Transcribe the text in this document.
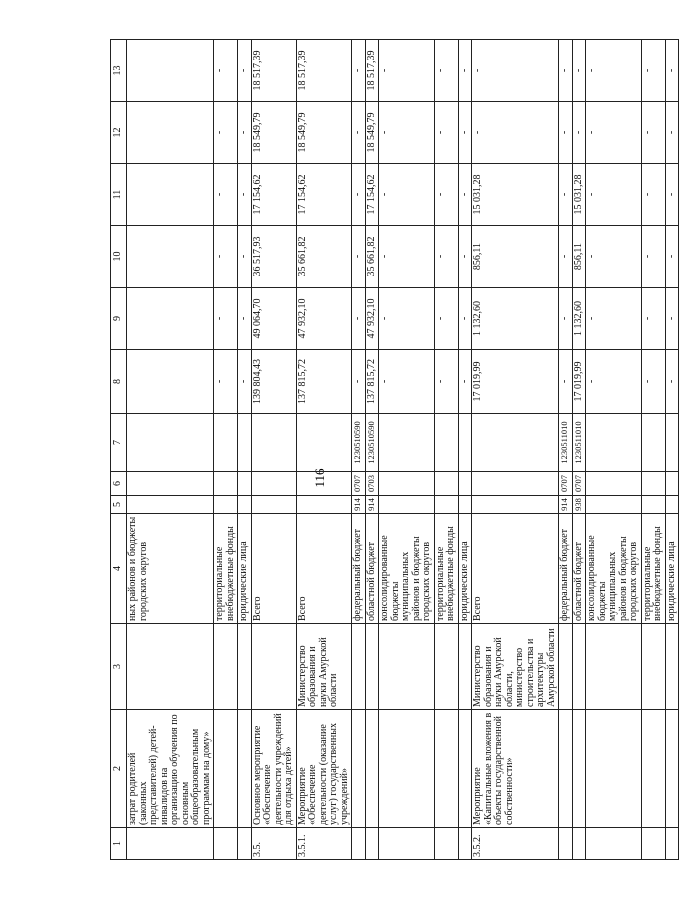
116
1	2	3	4	5	6	7	8	9	10	11	12	13
	затрат родителей (законных представителей) детей-инвалидов на организацию обучения по основным общеобразовательным программам на дому»		ных районов и бюджеты городских округов									
			территориальные внебюджетные фонды				-	-	-	-	-	-
			юридические лица				-	-	-	-	-	-
3.5.	Основное мероприятие «Обеспечение деятельности учреждений для отдыха детей»		Всего				139 804,43	49 064,70	36 517,93	17 154,62	18 549,79	18 517,39
3.5.1.	Мероприятие «Обеспечение деятельности (оказание услуг) государственных учреждений»	Министерство образования и науки Амурской области	Всего				137 815,72	47 932,10	35 661,82	17 154,62	18 549,79	18 517,39
			федеральный бюджет	914	0707	1230510590	-	-	-	-	-	-
			областной бюджет	914	0703	1230510590	137 815,72	47 932,10	35 661,82	17 154,62	18 549,79	18 517,39
			консолидированные бюджеты муниципальных районов и бюджеты городских округов				-	-	-	-	-	-
			территориальные внебюджетные фонды				-	-	-	-	-	-
			юридические лица				-	-	-	-	-	-
3.5.2.	Мероприятие «Капитальные вложения в объекты государственной собственности»	Министерство образования и науки Амурской области, министерство строительства и архитектуры Амурской области	Всего				17 019,99	1 132,60	856,11	15 031,28	-	-
			федеральный бюджет	914	0707	1230511010	-	-	-	-	-	-
			областной бюджет	938	0707	1230511010	17 019,99	1 132,60	856,11	15 031,28	-	-
			консолидированные бюджеты муниципальных районов и бюджеты городских округов				-	-	-	-	-	-
			территориальные внебюджетные фонды				-	-	-	-	-	-
			юридические лица				-	-	-	-	-	-
